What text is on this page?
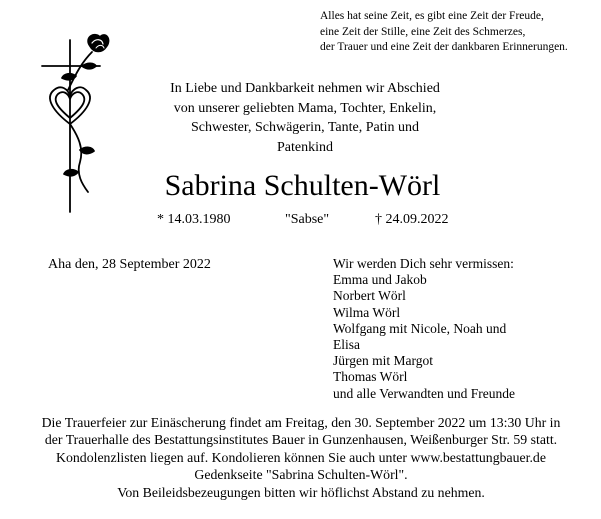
Alles hat seine Zeit, es gibt eine Zeit der Freude,
eine Zeit der Stille, eine Zeit des Schmerzes,
der Trauer und eine Zeit der dankbaren Erinnerungen.
In Liebe und Dankbarkeit nehmen wir Abschied
von unserer geliebten Mama, Tochter, Enkelin,
Schwester, Schwägerin, Tante, Patin und
Patenkind
Sabrina Schulten-Wörl
* 14.03.1980	"Sabse"	† 24.09.2022
Aha den, 28 September 2022	Wir werden Dich sehr vermissen:
Emma und Jakob
Norbert Wörl
Wilma Wörl
Wolfgang mit Nicole, Noah und
Elisa
Jürgen mit Margot
Thomas Wörl
und alle Verwandten und Freunde
Die Trauerfeier zur Einäscherung findet am Freitag, den 30. September 2022 um 13:30 Uhr in
der Trauerhalle des Bestattungsinstitutes Bauer in Gunzenhausen, Weißenburger Str. 59 statt.
Kondolenzlisten liegen auf. Kondolieren können Sie auch unter www.bestattungbauer.de
Gedenkseite "Sabrina Schulten-Wörl".
Von Beileidsbezeugungen bitten wir höflichst Abstand zu nehmen.
